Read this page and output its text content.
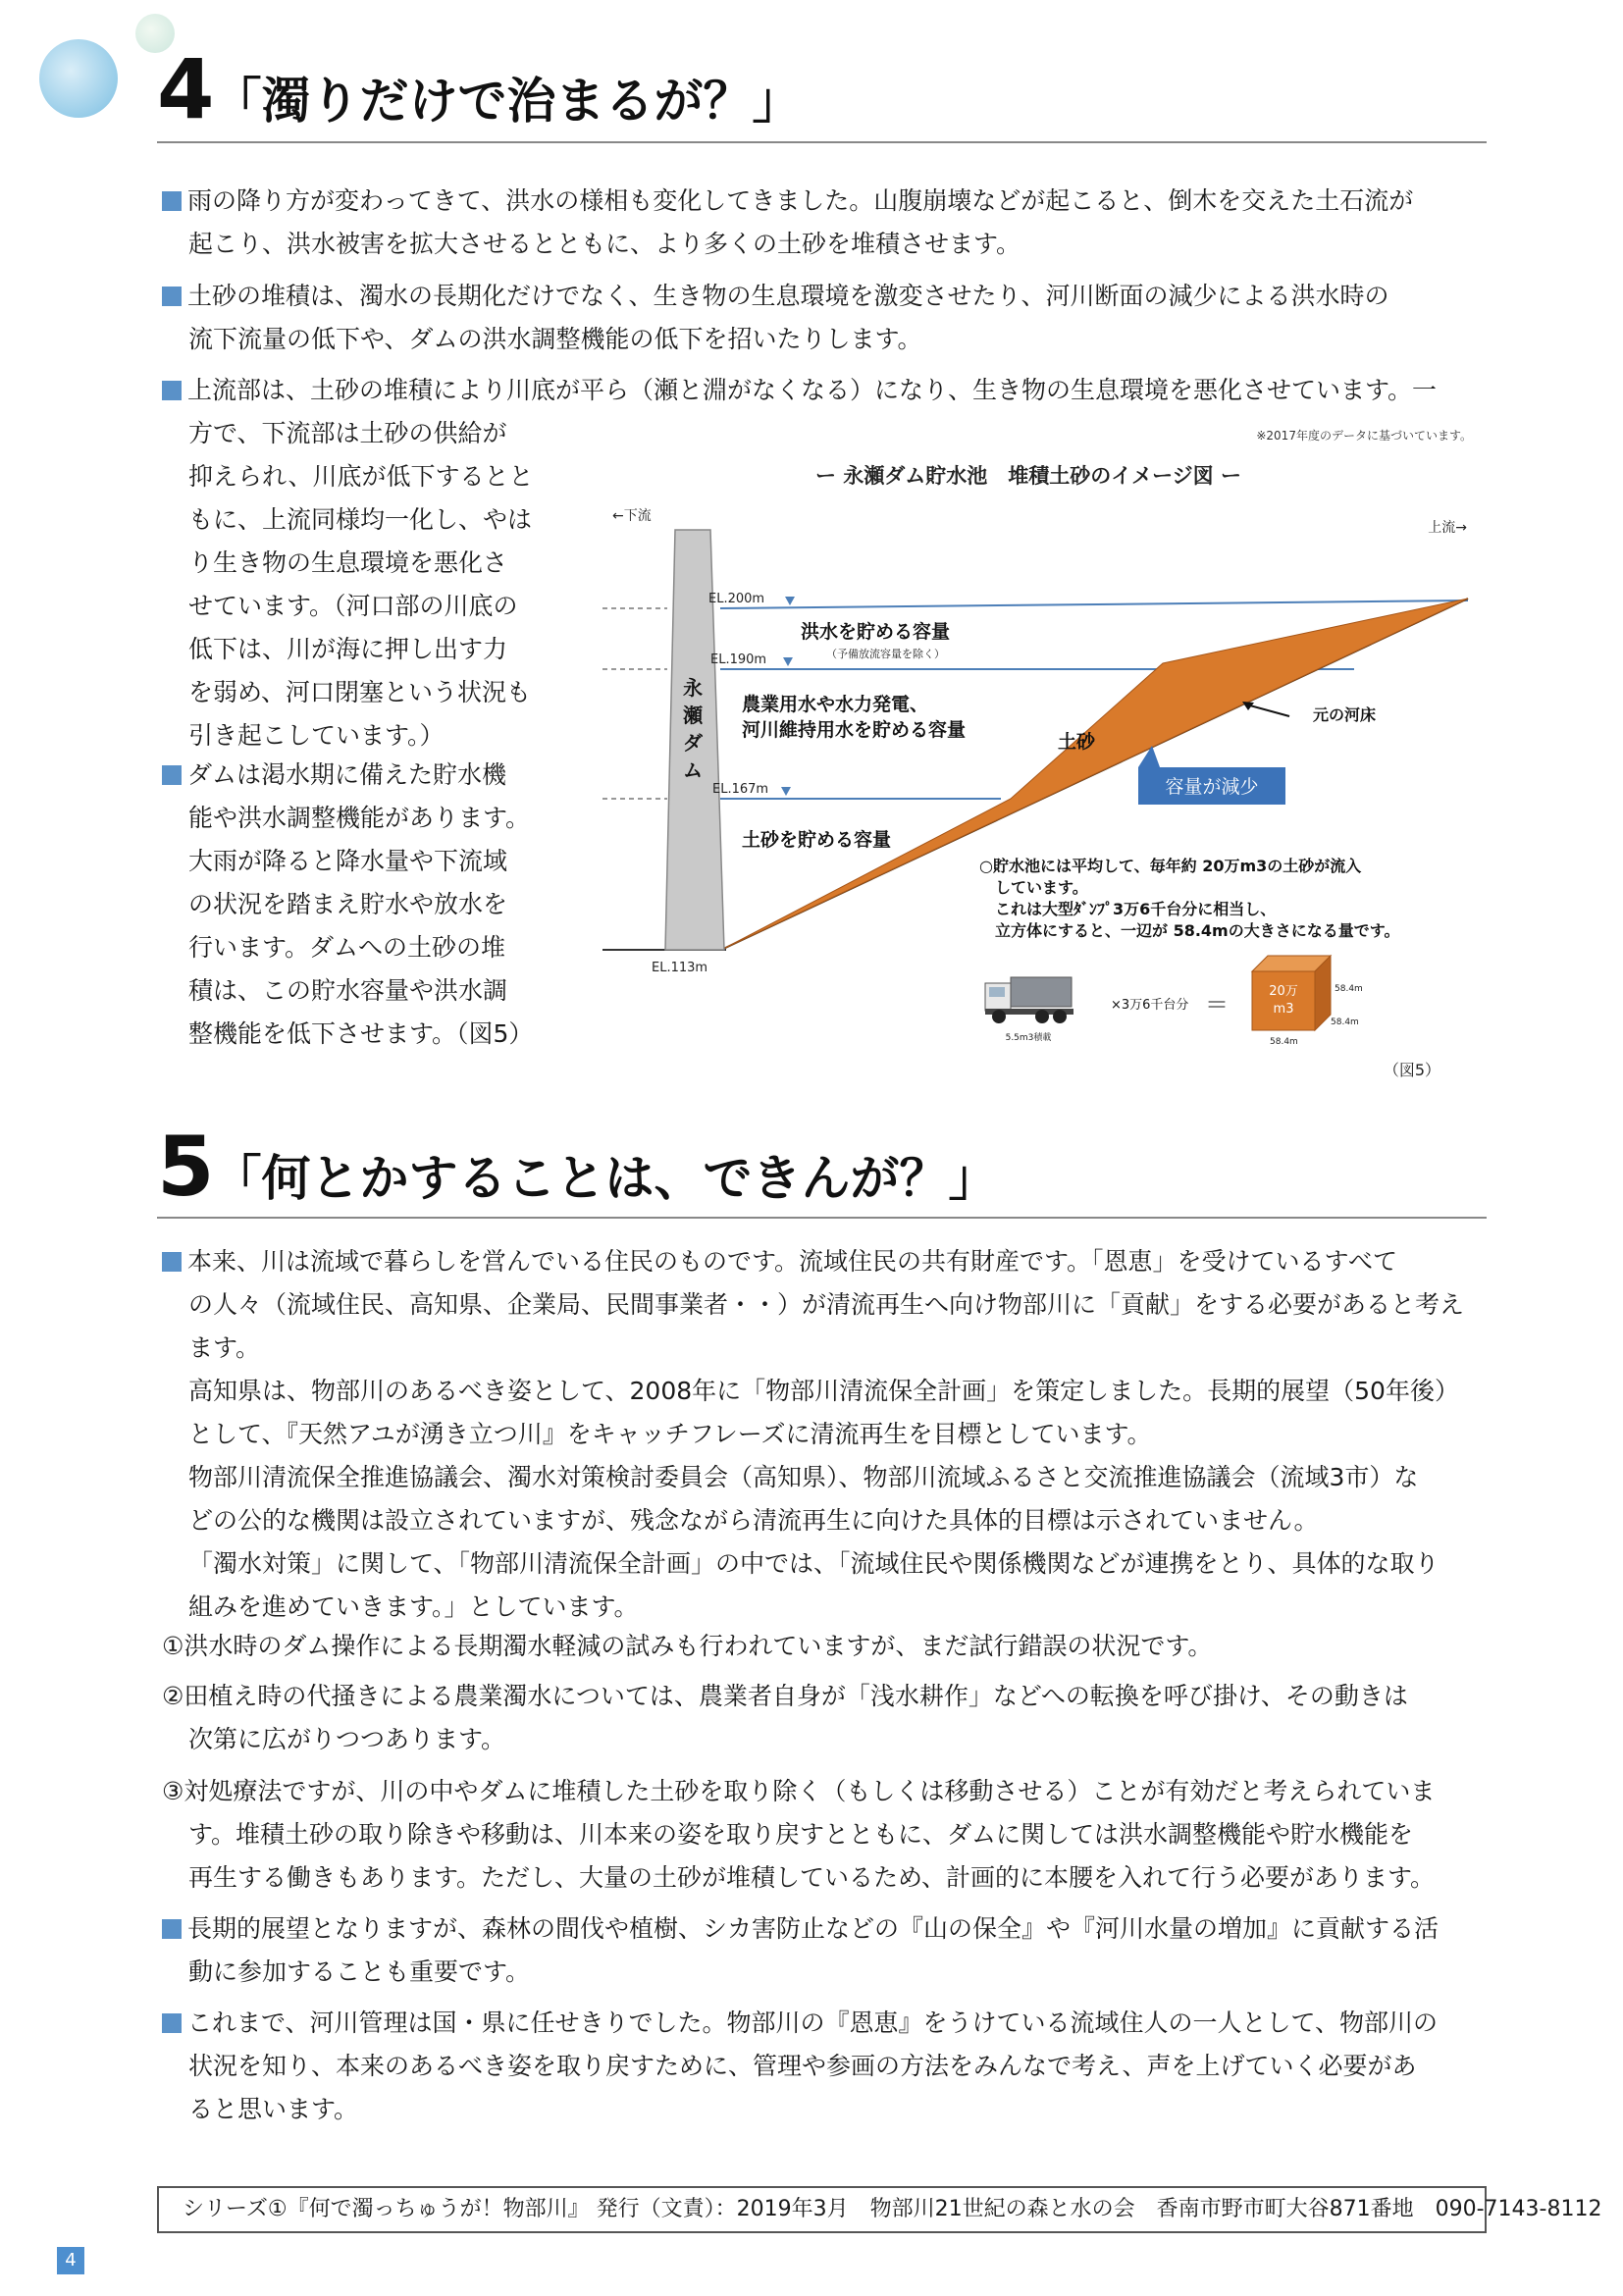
4「濁りだけで治まるが？」
雨の降り方が変わってきて、洪水の様相も変化してきました。山腹崩壊などが起こると、倒木を交えた土石流が
起こり、洪水被害を拡大させるとともに、より多くの土砂を堆積させます。
土砂の堆積は、濁水の長期化だけでなく、生き物の生息環境を激変させたり、河川断面の減少による洪水時の
流下流量の低下や、ダムの洪水調整機能の低下を招いたりします。
上流部は、土砂の堆積により川底が平ら（瀬と淵がなくなる）になり、生き物の生息環境を悪化させています。一
方で、下流部は土砂の供給が
抑えられ、川底が低下するとと
もに、上流同様均一化し、やは
り生き物の生息環境を悪化さ
せています。（河口部の川底の
低下は、川が海に押し出す力
を弱め、河口閉塞という状況も
引き起こしています。）
ダムは渇水期に備えた貯水機
能や洪水調整機能があります。
大雨が降ると降水量や下流域
の状況を踏まえ貯水や放水を
行います。ダムへの土砂の堆
積は、この貯水容量や洪水調
整機能を低下させます。（図5）
※2017年度のデータに基づいています。
ー 永瀬ダム貯水池　堆積土砂のイメージ図 ー
←下流
上流→
永
瀬
ダ
ム
EL.200m
EL.190m
EL.167m
EL.113m
洪水を貯める容量
（予備放流容量を除く）
農業用水や水力発電、
河川維持用水を貯める容量
土砂を貯める容量
土砂
元の河床
容量が減少
○貯水池には平均して、毎年約 20万m3の土砂が流入
しています。
これは大型ﾀﾞﾝﾌﾟ3万6千台分に相当し、
立方体にすると、一辺が 58.4mの大きさになる量です。
5.5m3積載
×3万6千台分 ＝	20万
m3
58.4m
58.4m
58.4m
（図5）
5「何とかすることは、できんが？」
本来、川は流域で暮らしを営んでいる住民のものです。流域住民の共有財産です。「恩恵」を受けているすべて
の人々（流域住民、高知県、企業局、民間事業者・・）が清流再生へ向け物部川に「貢献」をする必要があると考え
ます。
高知県は、物部川のあるべき姿として、2008年に「物部川清流保全計画」を策定しました。長期的展望（50年後）
として、『天然アユが湧き立つ川』をキャッチフレーズに清流再生を目標としています。
物部川清流保全推進協議会、濁水対策検討委員会（高知県）、物部川流域ふるさと交流推進協議会（流域3市）な
どの公的な機関は設立されていますが、残念ながら清流再生に向けた具体的目標は示されていません。
「濁水対策」に関して、「物部川清流保全計画」の中では、「流域住民や関係機関などが連携をとり、具体的な取り
組みを進めていきます。」としています。
①洪水時のダム操作による長期濁水軽減の試みも行われていますが、まだ試行錯誤の状況です。
②田植え時の代掻きによる農業濁水については、農業者自身が「浅水耕作」などへの転換を呼び掛け、その動きは
次第に広がりつつあります。
③対処療法ですが、川の中やダムに堆積した土砂を取り除く（もしくは移動させる）ことが有効だと考えられていま
す。堆積土砂の取り除きや移動は、川本来の姿を取り戻すとともに、ダムに関しては洪水調整機能や貯水機能を
再生する働きもあります。ただし、大量の土砂が堆積しているため、計画的に本腰を入れて行う必要があります。
長期的展望となりますが、森林の間伐や植樹、シカ害防止などの『山の保全』や『河川水量の増加』に貢献する活
動に参加することも重要です。
これまで、河川管理は国・県に任せきりでした。物部川の『恩恵』をうけている流域住人の一人として、物部川の
状況を知り、本来のあるべき姿を取り戻すために、管理や参画の方法をみんなで考え、声を上げていく必要があ
ると思います。
シリーズ①『何で濁っちゅうが！物部川』 発行（文責）：2019年3月　物部川21世紀の森と水の会　香南市野市町大谷871番地　090-7143-8112
4
